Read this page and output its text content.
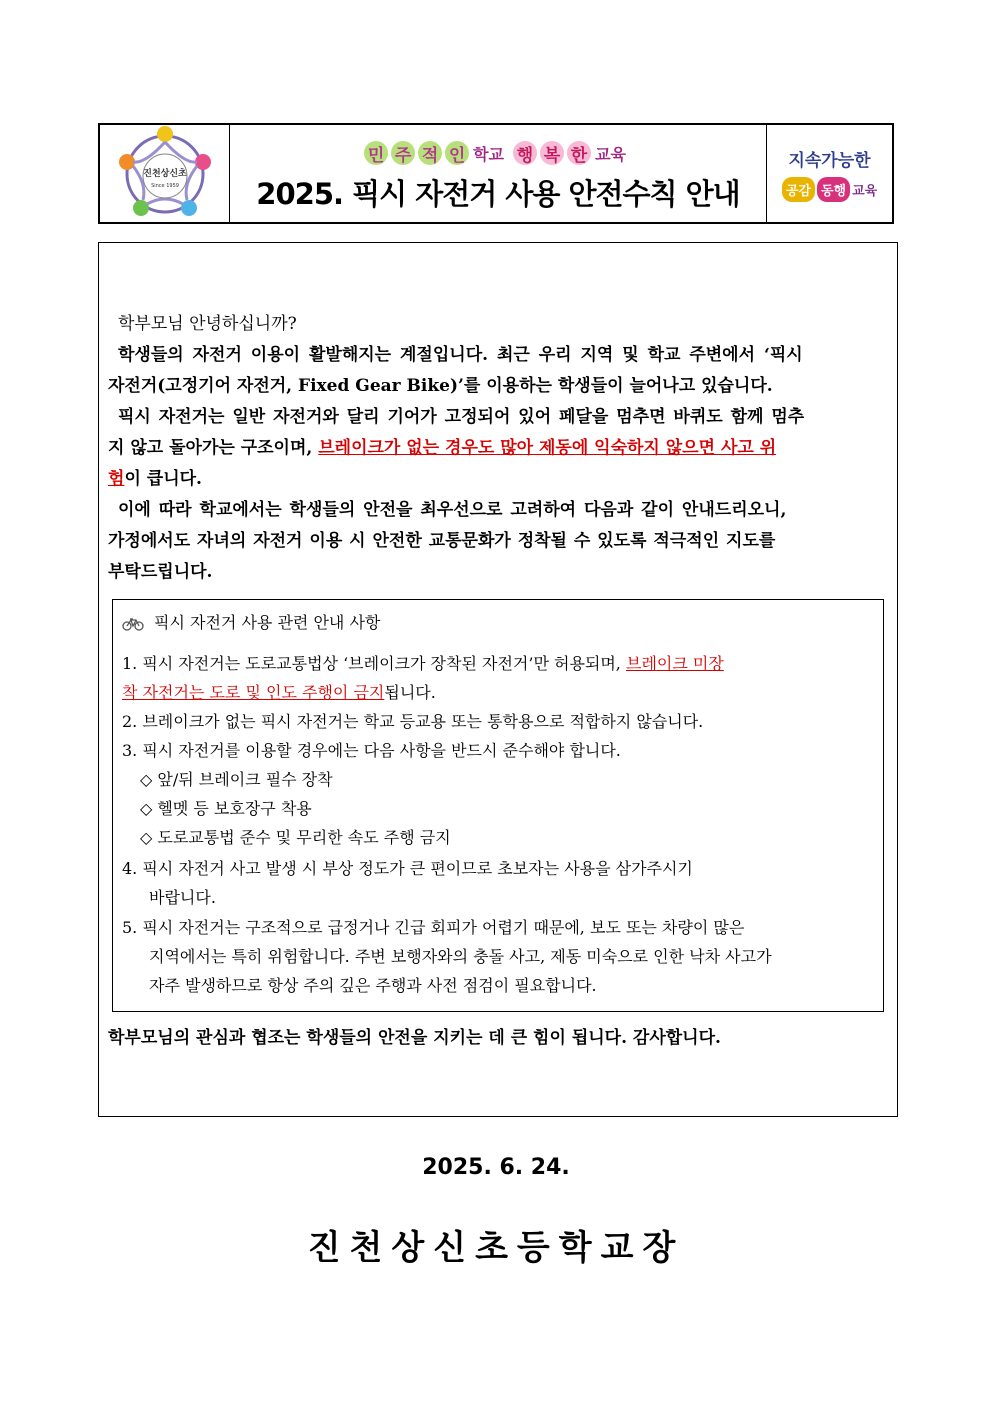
진천상신초
Since 1959
민 주 적 인 학교 행 복 한 교육
2025. 픽시 자전거 사용 안전수칙 안내
지속가능한
공감 동행 교육
학부모님 안녕하십니까?
학생들의 자전거 이용이 활발해지는 계절입니다. 최근 우리 지역 및 학교 주변에서 ‘픽시
자전거(고정기어 자전거, Fixed Gear Bike)’를 이용하는 학생들이 늘어나고 있습니다.
픽시 자전거는 일반 자전거와 달리 기어가 고정되어 있어 페달을 멈추면 바퀴도 함께 멈추
지 않고 돌아가는 구조이며, 브레이크가 없는 경우도 많아 제동에 익숙하지 않으면 사고 위
험이 큽니다.
이에 따라 학교에서는 학생들의 안전을 최우선으로 고려하여 다음과 같이 안내드리오니,
가정에서도 자녀의 자전거 이용 시 안전한 교통문화가 정착될 수 있도록 적극적인 지도를
부탁드립니다.
픽시 자전거 사용 관련 안내 사항
1. 픽시 자전거는 도로교통법상 ‘브레이크가 장착된 자전거’만 허용되며, 브레이크 미장
착 자전거는 도로 및 인도 주행이 금지됩니다.
2. 브레이크가 없는 픽시 자전거는 학교 등교용 또는 통학용으로 적합하지 않습니다.
3. 픽시 자전거를 이용할 경우에는 다음 사항을 반드시 준수해야 합니다.
◇ 앞/뒤 브레이크 필수 장착
◇ 헬멧 등 보호장구 착용
◇ 도로교통법 준수 및 무리한 속도 주행 금지
4. 픽시 자전거 사고 발생 시 부상 정도가 큰 편이므로 초보자는 사용을 삼가주시기
바랍니다.
5. 픽시 자전거는 구조적으로 급정거나 긴급 회피가 어렵기 때문에, 보도 또는 차량이 많은
지역에서는 특히 위험합니다. 주변 보행자와의 충돌 사고, 제동 미숙으로 인한 낙차 사고가
자주 발생하므로 항상 주의 깊은 주행과 사전 점검이 필요합니다.
학부모님의 관심과 협조는 학생들의 안전을 지키는 데 큰 힘이 됩니다. 감사합니다.
2025. 6. 24.
진천상신초등학교장
